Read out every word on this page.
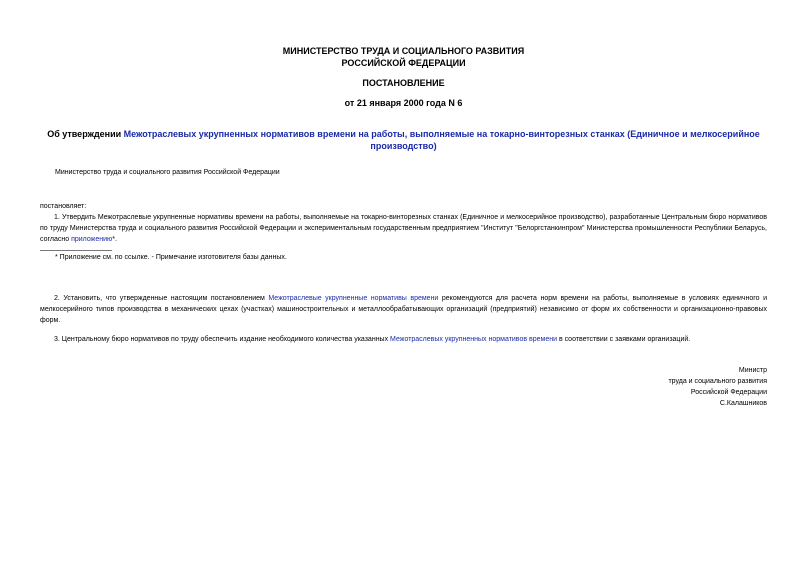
МИНИСТЕРСТВО ТРУДА И СОЦИАЛЬНОГО РАЗВИТИЯ
РОССИЙСКОЙ ФЕДЕРАЦИИ
ПОСТАНОВЛЕНИЕ
от 21 января 2000 года N 6
Об утверждении Межотраслевых укрупненных нормативов времени на работы, выполняемые на токарно-винторезных станках (Единичное и мелкосерийное производство)
Министерство труда и социального развития Российской Федерации
постановляет:
1. Утвердить Межотраслевые укрупненные нормативы времени на работы, выполняемые на токарно-винторезных станках (Единичное и мелкосерийное производство), разработанные Центральным бюро нормативов по труду Министерства труда и социального развития Российской Федерации и экспериментальным государственным предприятием "Институт "Белоргстанкинпром" Министерства промышленности Республики Беларусь, согласно приложению*.
* Приложение см. по ссылке. - Примечание изготовителя базы данных.
2. Установить, что утвержденные настоящим постановлением Межотраслевые укрупненные нормативы времени рекомендуются для расчета норм времени на работы, выполняемые в условиях единичного и мелкосерийного типов производства в механических цехах (участках) машиностроительных и металлообрабатывающих организаций (предприятий) независимо от форм их собственности и организационно-правовых форм.
3. Центральному бюро нормативов по труду обеспечить издание необходимого количества указанных Межотраслевых укрупненных нормативов времени в соответствии с заявками организаций.
Министр
труда и социального развития
Российской Федерации
С.Калашников
